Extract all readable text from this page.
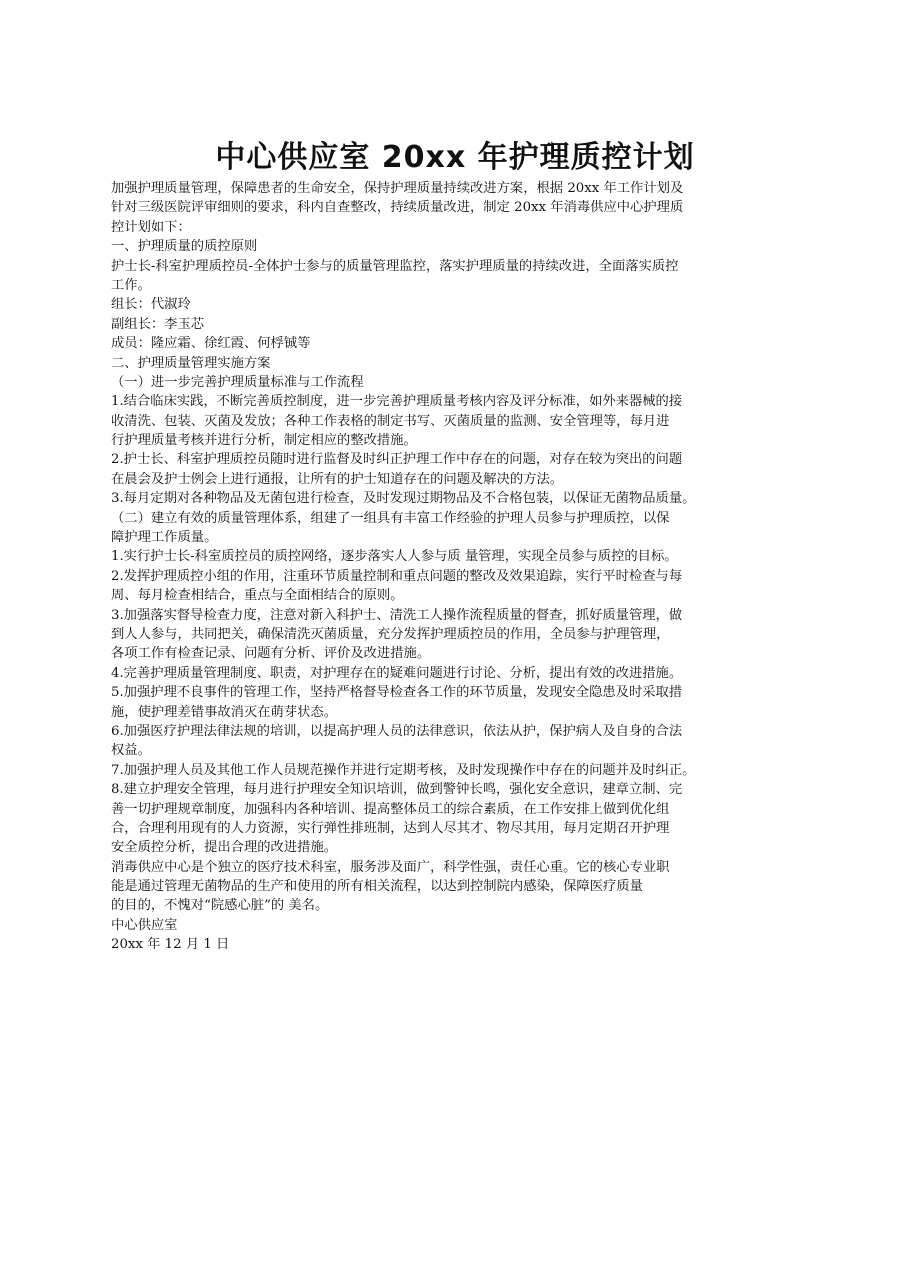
中心供应室 20xx 年护理质控计划
加强护理质量管理，保障患者的生命安全，保持护理质量持续改进方案，根据 20xx 年工作计划及
针对三级医院评审细则的要求，科内自查整改，持续质量改进，制定 20xx 年消毒供应中心护理质
控计划如下：
一、护理质量的质控原则
护士长-科室护理质控员-全体护士参与的质量管理监控，落实护理质量的持续改进，全面落实质控
工作。
组长：代淑玲
副组长：李玉芯
成员：隆应霜、徐红霞、何桴铖等
二、护理质量管理实施方案
（一）进一步完善护理质量标准与工作流程
1.结合临床实践，不断完善质控制度，进一步完善护理质量考核内容及评分标准，如外来器械的接
收清洗、包装、灭菌及发放；各种工作表格的制定书写、灭菌质量的监测、安全管理等，每月进
行护理质量考核并进行分析，制定相应的整改措施。
2.护士长、科室护理质控员随时进行监督及时纠正护理工作中存在的问题，对存在较为突出的问题
在晨会及护士例会上进行通报，让所有的护士知道存在的问题及解决的方法。
3.每月定期对各种物品及无菌包进行检查，及时发现过期物品及不合格包装，以保证无菌物品质量。
（二）建立有效的质量管理体系，组建了一组具有丰富工作经验的护理人员参与护理质控，以保
障护理工作质量。
1.实行护士长-科室质控员的质控网络，逐步落实人人参与质 量管理，实现全员参与质控的目标。
2.发挥护理质控小组的作用，注重环节质量控制和重点问题的整改及效果追踪，实行平时检查与每
周、每月检查相结合，重点与全面相结合的原则。
3.加强落实督导检查力度，注意对新入科护士、清洗工人操作流程质量的督查，抓好质量管理，做
到人人参与，共同把关，确保清洗灭菌质量，充分发挥护理质控员的作用，全员参与护理管理，
各项工作有检查记录、问题有分析、评价及改进措施。
4.完善护理质量管理制度、职责，对护理存在的疑难问题进行讨论、分析，提出有效的改进措施。
5.加强护理不良事件的管理工作，坚持严格督导检查各工作的环节质量，发现安全隐患及时采取措
施，使护理差错事故消灭在萌芽状态。
6.加强医疗护理法律法规的培训，以提高护理人员的法律意识，依法从护，保护病人及自身的合法
权益。
7.加强护理人员及其他工作人员规范操作并进行定期考核，及时发现操作中存在的问题并及时纠正。
8.建立护理安全管理，每月进行护理安全知识培训，做到警钟长鸣，强化安全意识，建章立制、完
善一切护理规章制度，加强科内各种培训、提高整体员工的综合素质，在工作安排上做到优化组
合，合理利用现有的人力资源，实行弹性排班制，达到人尽其才、物尽其用，每月定期召开护理
安全质控分析，提出合理的改进措施。
消毒供应中心是个独立的医疗技术科室，服务涉及面广，科学性强，责任心重。它的核心专业职
能是通过管理无菌物品的生产和使用的所有相关流程，以达到控制院内感染，保障医疗质量
的目的，不愧对“院感心脏”的 美名。
中心供应室
20xx 年 12 月 1 日
